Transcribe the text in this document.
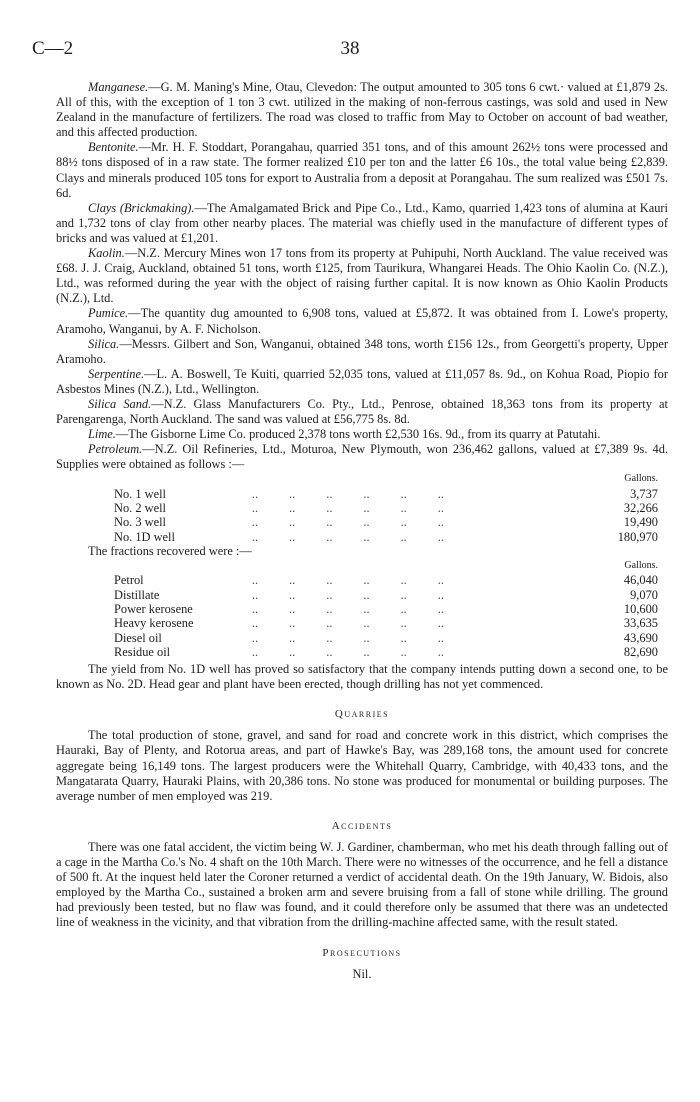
C—2	38

Manganese.—G. M. Maning's Mine, Otau, Clevedon: The output amounted to 305 tons 6 cwt.· valued at £1,879 2s. All of this, with the exception of 1 ton 3 cwt. utilized in the making of non-ferrous castings, was sold and used in New Zealand in the manufacture of fertilizers. The road was closed to traffic from May to October on account of bad weather, and this affected production.

Bentonite.—Mr. H. F. Stoddart, Porangahau, quarried 351 tons, and of this amount 262½ tons were processed and 88½ tons disposed of in a raw state. The former realized £10 per ton and the latter £6 10s., the total value being £2,839. Clays and minerals produced 105 tons for export to Australia from a deposit at Porangahau. The sum realized was £501 7s. 6d.

Clays (Brickmaking).—The Amalgamated Brick and Pipe Co., Ltd., Kamo, quarried 1,423 tons of alumina at Kauri and 1,732 tons of clay from other nearby places. The material was chiefly used in the manufacture of different types of bricks and was valued at £1,201.

Kaolin.—N.Z. Mercury Mines won 17 tons from its property at Puhipuhi, North Auckland. The value received was £68. J. J. Craig, Auckland, obtained 51 tons, worth £125, from Taurikura, Whangarei Heads. The Ohio Kaolin Co. (N.Z.), Ltd., was reformed during the year with the object of raising further capital. It is now known as Ohio Kaolin Products (N.Z.), Ltd.

Pumice.—The quantity dug amounted to 6,908 tons, valued at £5,872. It was obtained from I. Lowe's property, Aramoho, Wanganui, by A. F. Nicholson.

Silica.—Messrs. Gilbert and Son, Wanganui, obtained 348 tons, worth £156 12s., from Georgetti's property, Upper Aramoho.

Serpentine.—L. A. Boswell, Te Kuiti, quarried 52,035 tons, valued at £11,057 8s. 9d., on Kohua Road, Piopio for Asbestos Mines (N.Z.), Ltd., Wellington.

Silica Sand.—N.Z. Glass Manufacturers Co. Pty., Ltd., Penrose, obtained 18,363 tons from its property at Parengarenga, North Auckland. The sand was valued at £56,775 8s. 8d.

Lime.—The Gisborne Lime Co. produced 2,378 tons worth £2,530 16s. 9d., from its quarry at Patutahi.

Petroleum.—N.Z. Oil Refineries, Ltd., Moturoa, New Plymouth, won 236,462 gallons, valued at £7,389 9s. 4d. Supplies were obtained as follows :—

		Gallons.
No. 1 well	..          ..          ..          ..          ..          ..	3,737
No. 2 well	..          ..          ..          ..          ..          ..	32,266
No. 3 well	..          ..          ..          ..          ..          ..	19,490
No. 1D well	..          ..          ..          ..          ..          ..	180,970

The fractions recovered were :—

		Gallons.
Petrol	..          ..          ..          ..          ..          ..	46,040
Distillate	..          ..          ..          ..          ..          ..	9,070
Power kerosene	..          ..          ..          ..          ..          ..	10,600
Heavy kerosene	..          ..          ..          ..          ..          ..	33,635
Diesel oil	..          ..          ..          ..          ..          ..	43,690
Residue oil	..          ..          ..          ..          ..          ..	82,690

The yield from No. 1D well has proved so satisfactory that the company intends putting down a second one, to be known as No. 2D. Head gear and plant have been erected, though drilling has not yet commenced.

Quarries

The total production of stone, gravel, and sand for road and concrete work in this district, which comprises the Hauraki, Bay of Plenty, and Rotorua areas, and part of Hawke's Bay, was 289,168 tons, the amount used for concrete aggregate being 16,149 tons. The largest producers were the Whitehall Quarry, Cambridge, with 40,433 tons, and the Mangatarata Quarry, Hauraki Plains, with 20,386 tons. No stone was produced for monumental or building purposes. The average number of men employed was 219.

Accidents

There was one fatal accident, the victim being W. J. Gardiner, chamberman, who met his death through falling out of a cage in the Martha Co.'s No. 4 shaft on the 10th March. There were no witnesses of the occurrence, and he fell a distance of 500 ft. At the inquest held later the Coroner returned a verdict of accidental death. On the 19th January, W. Bidois, also employed by the Martha Co., sustained a broken arm and severe bruising from a fall of stone while drilling. The ground had previously been tested, but no flaw was found, and it could therefore only be assumed that there was an undetected line of weakness in the vicinity, and that vibration from the drilling-machine affected same, with the result stated.

Prosecutions
Nil.
